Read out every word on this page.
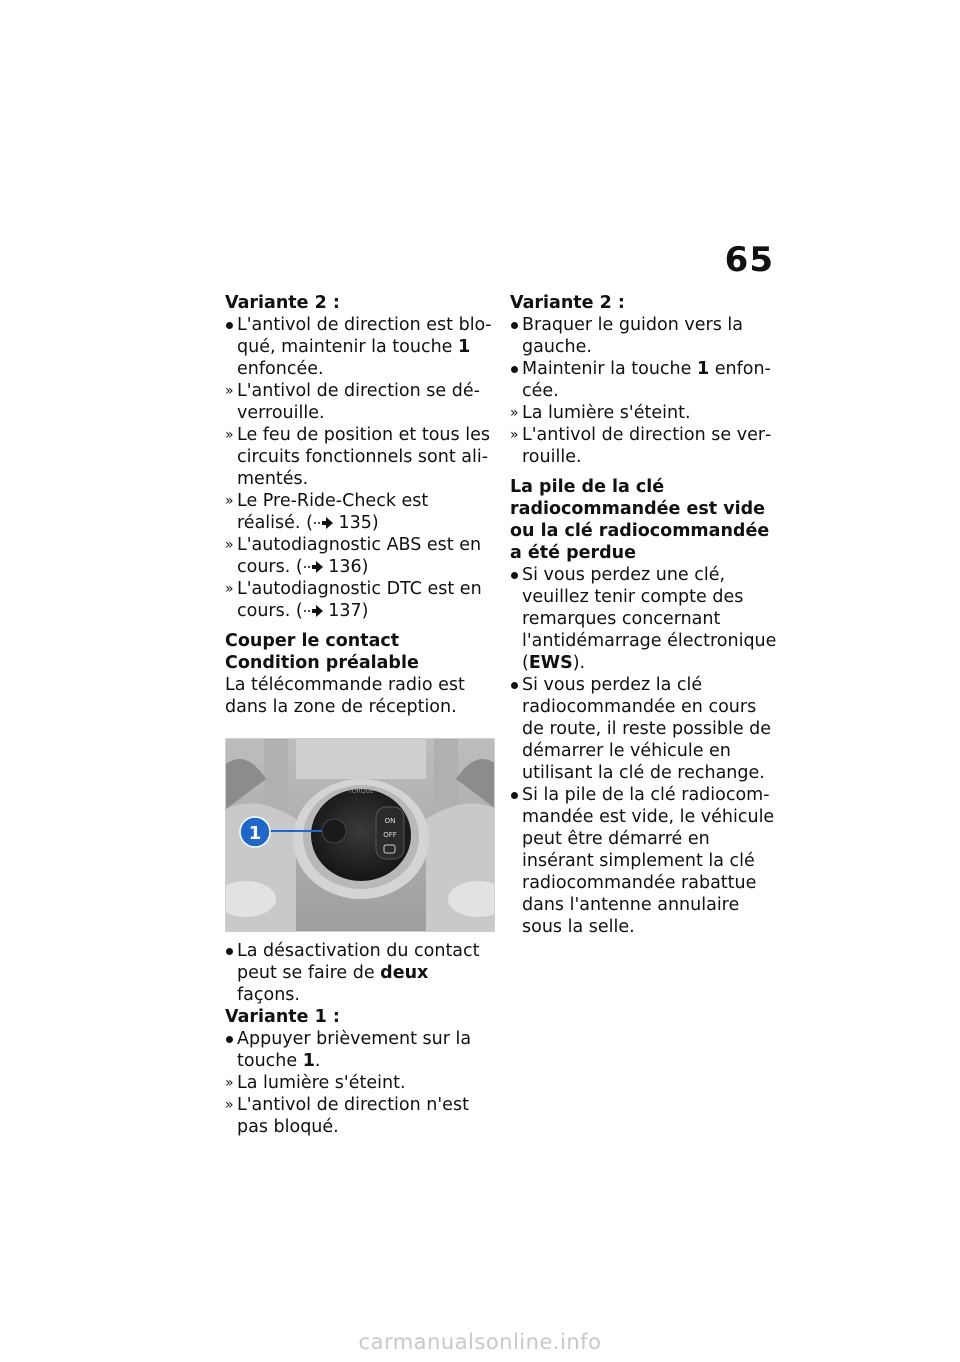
65
Variante 2 :
L'antivol de direction est bloqué, maintenir la touche 1 enfoncée.
» L'antivol de direction se déverrouille.
» Le feu de position et tous les circuits fonctionnels sont alimentés.
» Le Pre-Ride-Check est réalisé. ( 135)
» L'autodiagnostic ABS est en cours. ( 136)
» L'autodiagnostic DTC est en cours. ( 137)
Couper le contact
Condition préalable

La télécommande radio est dans la zone de réception.

ON
OFF
TORQUE
1
La désactivation du contact peut se faire de deux façons.
Variante 1 :
Appuyer brièvement sur la touche 1.
» La lumière s'éteint.
» L'antivol de direction n'est pas bloqué.
Variante 2 :
Braquer le guidon vers la gauche.
Maintenir la touche 1 enfoncée.
» La lumière s'éteint.
» L'antivol de direction se verrouille.
La pile de la clé radiocommandée est vide ou la clé radiocommandée a été perdue
Si vous perdez une clé, veuillez tenir compte des remarques concernant l'antidémarrage électronique (EWS).
Si vous perdez la clé radiocommandée en cours de route, il reste possible de démarrer le véhicule en utilisant la clé de rechange.
Si la pile de la clé radiocommandée est vide, le véhicule peut être démarré en insérant simplement la clé radiocommandée rabattue dans l'antenne annulaire sous la selle.
carmanualsonline.info
